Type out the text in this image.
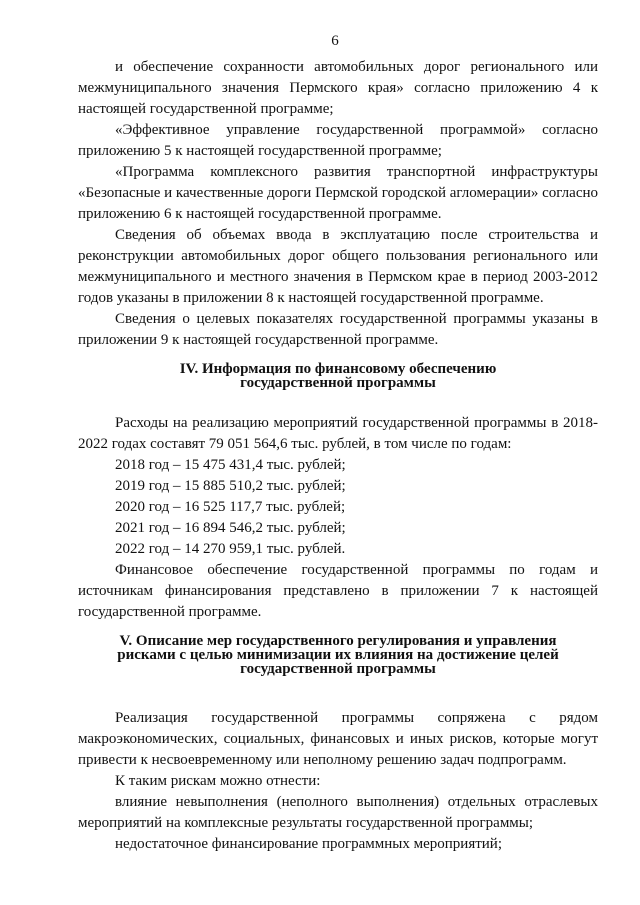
6

и обеспечение сохранности автомобильных дорог регионального или межмуниципального значения Пермского края» согласно приложению 4 к настоящей государственной программе;

«Эффективное управление государственной программой» согласно приложению 5 к настоящей государственной программе;

«Программа комплексного развития транспортной инфраструктуры «Безопасные и качественные дороги Пермской городской агломерации» согласно приложению 6 к настоящей государственной программе.

Сведения об объемах ввода в эксплуатацию после строительства и реконструкции автомобильных дорог общего пользования регионального или межмуниципального и местного значения в Пермском крае в период 2003-2012 годов указаны в приложении 8 к настоящей государственной программе.

Сведения о целевых показателях государственной программы указаны в приложении 9 к настоящей государственной программе.

IV. Информация по финансовому обеспечению
государственной программы

Расходы на реализацию мероприятий государственной программы в 2018-2022 годах составят 79 051 564,6 тыс. рублей, в том числе по годам:

2018 год – 15 475 431,4 тыс. рублей;
2019 год – 15 885 510,2 тыс. рублей;
2020 год – 16 525 117,7 тыс. рублей;
2021 год – 16 894 546,2 тыс. рублей;
2022 год – 14 270 959,1 тыс. рублей.

Финансовое обеспечение государственной программы по годам и источникам финансирования представлено в приложении 7 к настоящей государственной программе.

V. Описание мер государственного регулирования и управления
рисками с целью минимизации их влияния на достижение целей
государственной программы

Реализация государственной программы сопряжена с рядом макроэкономических, социальных, финансовых и иных рисков, которые могут привести к несвоевременному или неполному решению задач подпрограмм.

К таким рискам можно отнести:

влияние невыполнения (неполного выполнения) отдельных отраслевых мероприятий на комплексные результаты государственной программы;

недостаточное финансирование программных мероприятий;
